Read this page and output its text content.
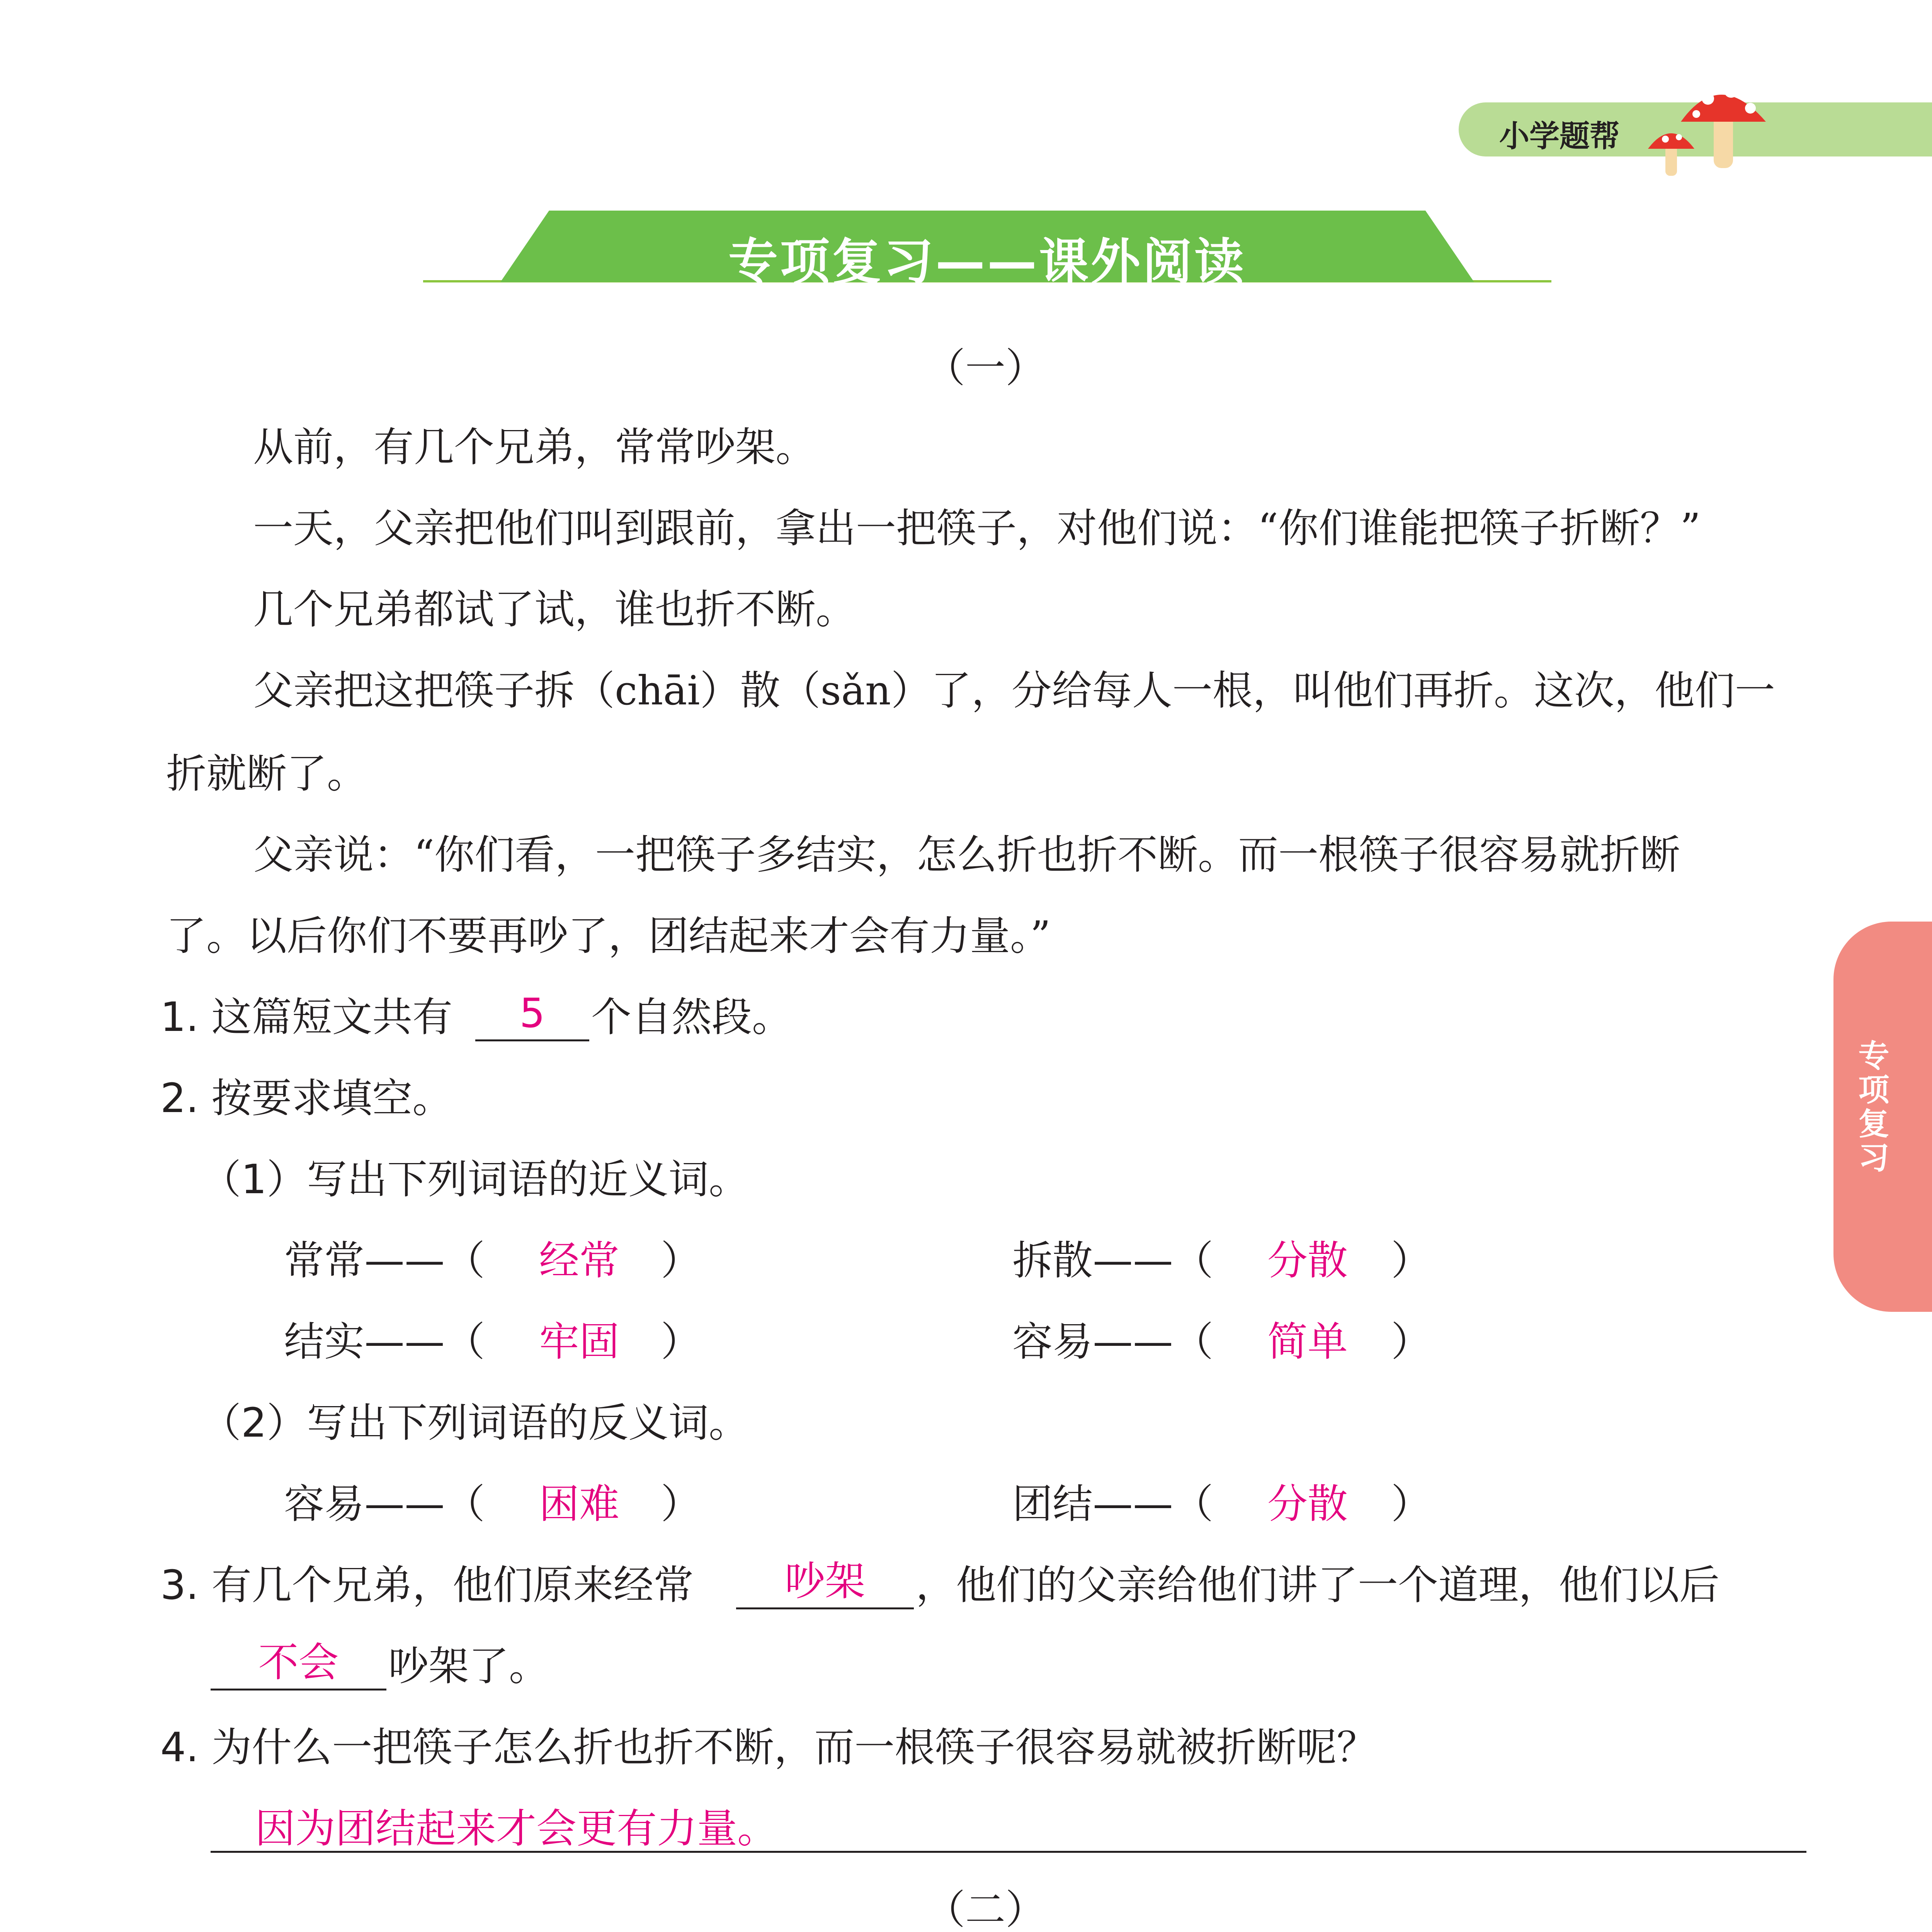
小学题帮
专项复习——课外阅读
专项复习
（一）
从前，有几个兄弟，常常吵架。
一天，父亲把他们叫到跟前，拿出一把筷子，对他们说：“你们谁能把筷子折断？”
几个兄弟都试了试，谁也折不断。
父亲把这把筷子拆（chāi）散（sǎn）了，分给每人一根，叫他们再折。这次，他们一
折就断了。
父亲说：“你们看，一把筷子多结实，怎么折也折不断。而一根筷子很容易就折断
了。以后你们不要再吵了，团结起来才会有力量。”
1. 这篇短文共有	5	个自然段。
2. 按要求填空。
（1）写出下列词语的近义词。
常常——（ 经常 ）	拆散——（ 分散 ）
结实——（ 牢固 ）	容易——（ 简单 ）
（2）写出下列词语的反义词。
容易——（ 困难 ）	团结——（ 分散 ）
3. 有几个兄弟，他们原来经常	吵架	，他们的父亲给他们讲了一个道理，他们以后
不会	吵架了。
4. 为什么一把筷子怎么折也折不断，而一根筷子很容易就被折断呢？
因为团结起来才会更有力量。
（二）
